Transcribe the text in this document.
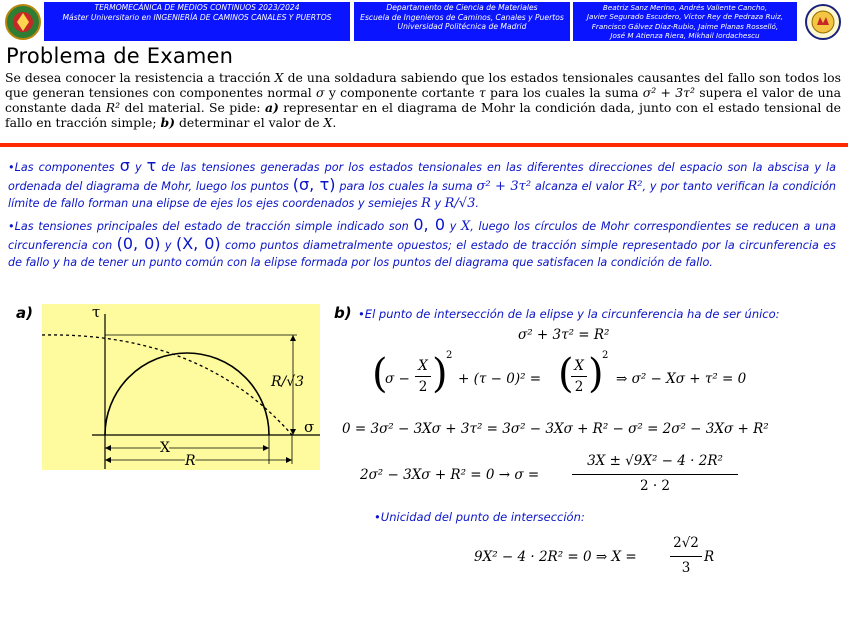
TERMOMECÁNICA DE MEDIOS CONTINUOS 2023/2024
Máster Universitario en INGENIERÍA DE CAMINOS CANALES Y PUERTOS
Departamento de Ciencia de Materiales
Escuela de Ingenieros de Caminos, Canales y Puertos
Universidad Politécnica de Madrid
Beatriz Sanz Merino, Andrés Valiente Cancho,
Javier Segurado Escudero, Víctor Rey de Pedraza Ruiz,
Francisco Gálvez Díaz-Rubio, Jaime Planas Rosselló,
José M Atienza Riera, Mikhail Iordachescu
Problema de Examen
Se desea conocer la resistencia a tracción X de una soldadura sabiendo que los estados tensionales causantes del fallo son todos los que generan tensiones con componentes normal σ y componente cortante τ para los cuales la suma σ² + 3τ² supera el valor de una constante dada R² del material. Se pide: a) representar en el diagrama de Mohr la condición dada, junto con el estado tensional de fallo en tracción simple; b) determinar el valor de X.
•Las componentes σ y τ de las tensiones generadas por los estados tensionales en las diferentes direcciones del espacio son la abscisa y la ordenada del diagrama de Mohr, luego los puntos (σ, τ) para los cuales la suma σ² + 3τ² alcanza el valor R², y por tanto verifican la condición límite de fallo forman una elipse de ejes los ejes coordenados y semiejes R y R/√3.
•Las tensiones principales del estado de tracción simple indicado son 0, 0 y X, luego los círculos de Mohr correspondientes se reducen a una circunferencia con (0, 0) y (X, 0) como puntos diametralmente opuestos; el estado de tracción simple representado por la circunferencia es de fallo y ha de tener un punto común con la elipse formada por los puntos del diagrama que satisfacen la condición de fallo.
a)	τ
σ
R/√3
X
R
b) •El punto de intersección de la elipse y la circunferencia ha de ser único:
σ² + 3τ² = R²
(
σ −
X
2 )
2
+ (τ − 0)² = ( X
2 )
2
⇒ σ² − Xσ + τ² = 0
0 = 3σ² − 3Xσ + 3τ² = 3σ² − 3Xσ + R² − σ² = 2σ² − 3Xσ + R²
2σ² − 3Xσ + R² = 0 → σ =
3X ± √9X² − 4 · 2R²
2 · 2
•Unicidad del punto de intersección:
9X² − 4 · 2R² = 0 ⇒ X =
2√2
3
R
